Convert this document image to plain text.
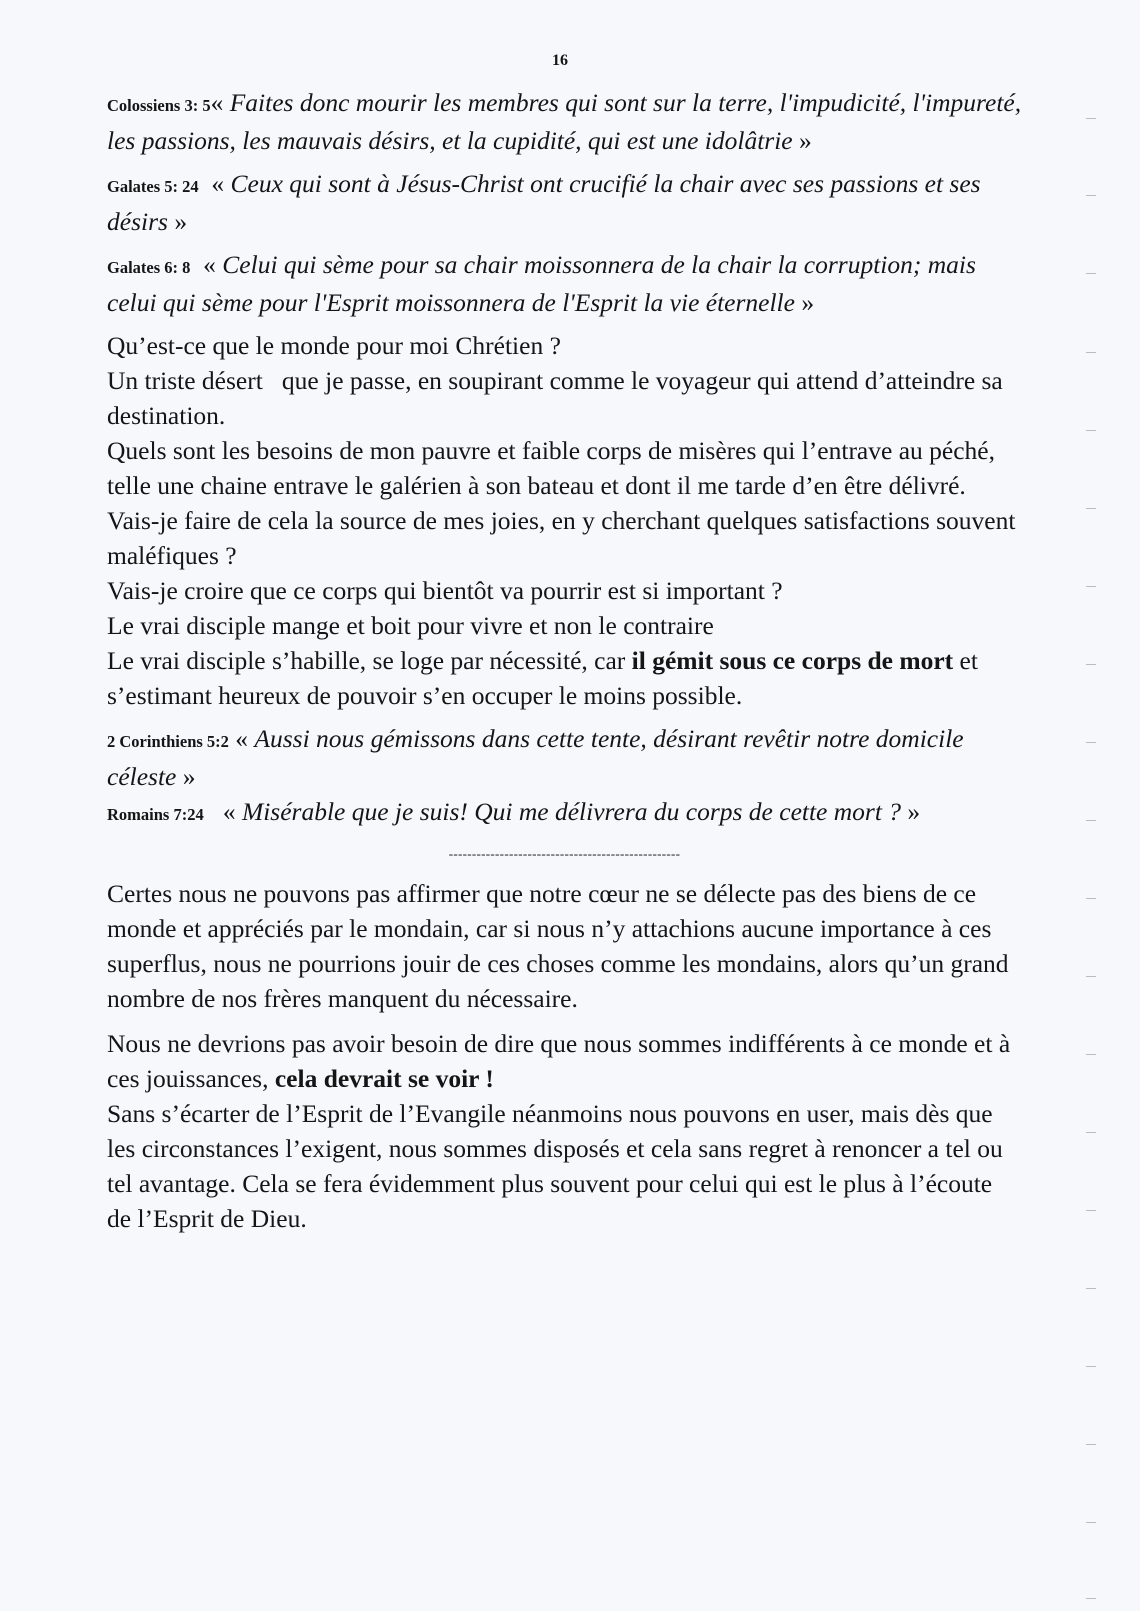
16
Colossiens 3: 5« Faites donc mourir les membres qui sont sur la terre, l'impudicité, l'impureté, les passions, les mauvais désirs, et la cupidité, qui est une idolâtrie »
Galates 5: 24  « Ceux qui sont à Jésus-Christ ont crucifié la chair avec ses passions et ses désirs »
Galates 6: 8  « Celui qui sème pour sa chair moissonnera de la chair la corruption; mais celui qui sème pour l'Esprit moissonnera de l'Esprit la vie éternelle »
Qu’est-ce que le monde pour moi Chrétien ?
Un triste désert   que je passe, en soupirant comme le voyageur qui attend d’atteindre sa destination.
Quels sont les besoins de mon pauvre et faible corps de misères qui l’entrave au péché, telle une chaine entrave le galérien à son bateau et dont il me tarde d’en être délivré.
Vais-je faire de cela la source de mes joies, en y cherchant quelques satisfactions souvent maléfiques ?
Vais-je croire que ce corps qui bientôt va pourrir est si important ?
Le vrai disciple mange et boit pour vivre et non le contraire
Le vrai disciple s’habille, se loge par nécessité, car il gémit sous ce corps de mort et s’estimant heureux de pouvoir s’en occuper le moins possible.
2 Corinthiens 5:2 « Aussi nous gémissons dans cette tente, désirant revêtir notre domicile céleste »
Romains 7:24   « Misérable que je suis! Qui me délivrera du corps de cette mort ? »
--------------------------------------------------
Certes nous ne pouvons pas affirmer que notre cœur ne se délecte pas des biens de ce monde et appréciés par le mondain, car si nous n’y attachions aucune importance à ces superflus, nous ne pourrions jouir de ces choses comme les mondains, alors qu’un grand nombre de nos frères manquent du nécessaire.
Nous ne devrions pas avoir besoin de dire que nous sommes indifférents à ce monde et à ces jouissances, cela devrait se voir !
Sans s’écarter de l’Esprit de l’Evangile néanmoins nous pouvons en user, mais dès que les circonstances l’exigent, nous sommes disposés et cela sans regret à renoncer a tel ou tel avantage. Cela se fera évidemment plus souvent pour celui qui est le plus à l’écoute de l’Esprit de Dieu.
